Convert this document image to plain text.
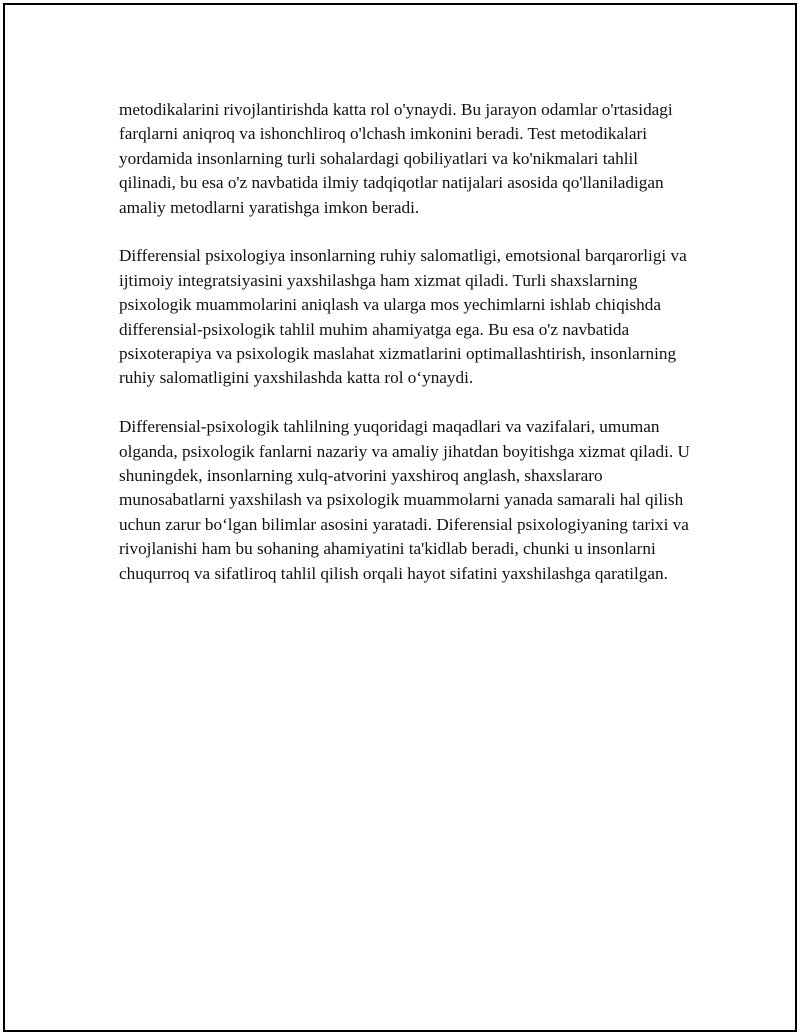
metodikalarini rivojlantirishda katta rol o'ynaydi. Bu jarayon odamlar o'rtasidagi farqlarni aniqroq va ishonchliroq o'lchash imkonini beradi. Test metodikalari yordamida insonlarning turli sohalardagi qobiliyatlari va ko'nikmalari tahlil qilinadi, bu esa o'z navbatida ilmiy tadqiqotlar natijalari asosida qo'llaniladigan amaliy metodlarni yaratishga imkon beradi.

Differensial psixologiya insonlarning ruhiy salomatligi, emotsional barqarorligi va ijtimoiy integratsiyasini yaxshilashga ham xizmat qiladi. Turli shaxslarning psixologik muammolarini aniqlash va ularga mos yechimlarni ishlab chiqishda differensial-psixologik tahlil muhim ahamiyatga ega. Bu esa o'z navbatida psixoterapiya va psixologik maslahat xizmatlarini optimallashtirish, insonlarning ruhiy salomatligini yaxshilashda katta rol o‘ynaydi.

Differensial-psixologik tahlilning yuqoridagi maqadlari va vazifalari, umuman olganda, psixologik fanlarni nazariy va amaliy jihatdan boyitishga xizmat qiladi. U shuningdek, insonlarning xulq-atvorini yaxshiroq anglash, shaxslararo munosabatlarni yaxshilash va psixologik muammolarni yanada samarali hal qilish uchun zarur bo‘lgan bilimlar asosini yaratadi. Diferensial psixologiyaning tarixi va rivojlanishi ham bu sohaning ahamiyatini ta'kidlab beradi, chunki u insonlarni chuqurroq va sifatliroq tahlil qilish orqali hayot sifatini yaxshilashga qaratilgan.
